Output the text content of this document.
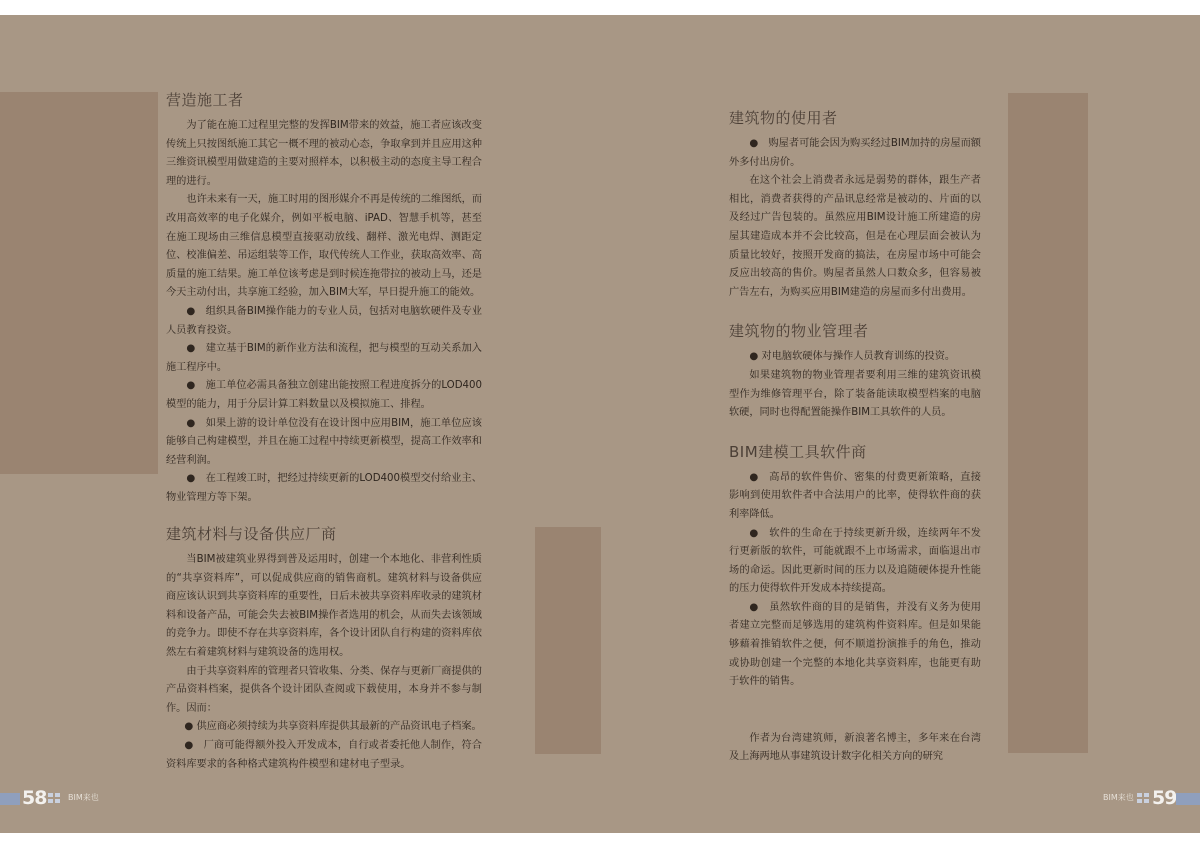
营造施工者

为了能在施工过程里完整的发挥BIM带来的效益，施工者应该改变传统上只按图纸施工其它一概不理的被动心态，争取拿到并且应用这种三维资讯模型用做建造的主要对照样本，以积极主动的态度主导工程合理的进行。

也许未来有一天，施工时用的图形媒介不再是传统的二维图纸，而改用高效率的电子化媒介，例如平板电脑、iPAD、智慧手机等，甚至在施工现场由三维信息模型直接驱动放线、翻样、激光电焊、测距定位、校准偏差、吊运组装等工作，取代传统人工作业，获取高效率、高质量的施工结果。施工单位该考虑是到时候连拖带拉的被动上马，还是今天主动付出，共享施工经验，加入BIM大军，早日提升施工的能效。

●　组织具备BIM操作能力的专业人员，包括对电脑软硬件及专业人员教育投资。

●　建立基于BIM的新作业方法和流程，把与模型的互动关系加入施工程序中。

●　施工单位必需具备独立创建出能按照工程进度拆分的LOD400模型的能力，用于分层计算工料数量以及模拟施工、排程。

●　如果上游的设计单位没有在设计图中应用BIM，施工单位应该能够自己构建模型，并且在施工过程中持续更新模型，提高工作效率和经营利润。

●　在工程竣工时，把经过持续更新的LOD400模型交付给业主、物业管理方等下架。

建筑材料与设备供应厂商

当BIM被建筑业界得到普及运用时，创建一个本地化、非营利性质的“共享资料库”，可以促成供应商的销售商机。建筑材料与设备供应商应该认识到共享资料库的重要性，日后未被共享资料库收录的建筑材料和设备产品，可能会失去被BIM操作者选用的机会，从而失去该领域的竞争力。即使不存在共享资料库，各个设计团队自行构建的资料库依然左右着建筑材料与建筑设备的选用权。

由于共享资料库的管理者只管收集、分类、保存与更新厂商提供的产品资料档案，提供各个设计团队查阅或下载使用，本身并不参与制作。因而：

● 供应商必须持续为共享资料库提供其最新的产品资讯电子档案。

●　厂商可能得额外投入开发成本，自行或者委托他人制作，符合资料库要求的各种格式建筑构件模型和建材电子型录。

建筑物的使用者

●　购屋者可能会因为购买经过BIM加持的房屋而额外多付出房价。

在这个社会上消费者永远是弱势的群体，跟生产者相比，消费者获得的产品讯息经常是被动的、片面的以及经过广告包装的。虽然应用BIM设计施工所建造的房屋其建造成本并不会比较高，但是在心理层面会被认为质量比较好，按照开发商的搞法，在房屋市场中可能会反应出较高的售价。购屋者虽然人口数众多，但容易被广告左右，为购买应用BIM建造的房屋而多付出费用。

建筑物的物业管理者

● 对电脑软硬体与操作人员教育训练的投资。

如果建筑物的物业管理者要利用三维的建筑资讯模型作为维修管理平台，除了装备能读取模型档案的电脑软硬，同时也得配置能操作BIM工具软件的人员。

BIM建模工具软件商

●　高昂的软件售价、密集的付费更新策略，直接影响到使用软件者中合法用户的比率，使得软件商的获利率降低。

●　软件的生命在于持续更新升级，连续两年不发行更新版的软件，可能就跟不上市场需求，面临退出市场的命运。因此更新时间的压力以及追随硬体提升性能的压力使得软件开发成本持续提高。

●　虽然软件商的目的是销售，并没有义务为使用者建立完整而足够选用的建筑构件资料库。但是如果能够藉着推销软件之便，何不顺道扮演推手的角色，推动或协助创建一个完整的本地化共享资料库，也能更有助于软件的销售。

作者为台湾建筑师，新浪著名博主，多年来在台湾及上海两地从事建筑设计数字化相关方向的研究

58	BIM来也	BIM来也 59
